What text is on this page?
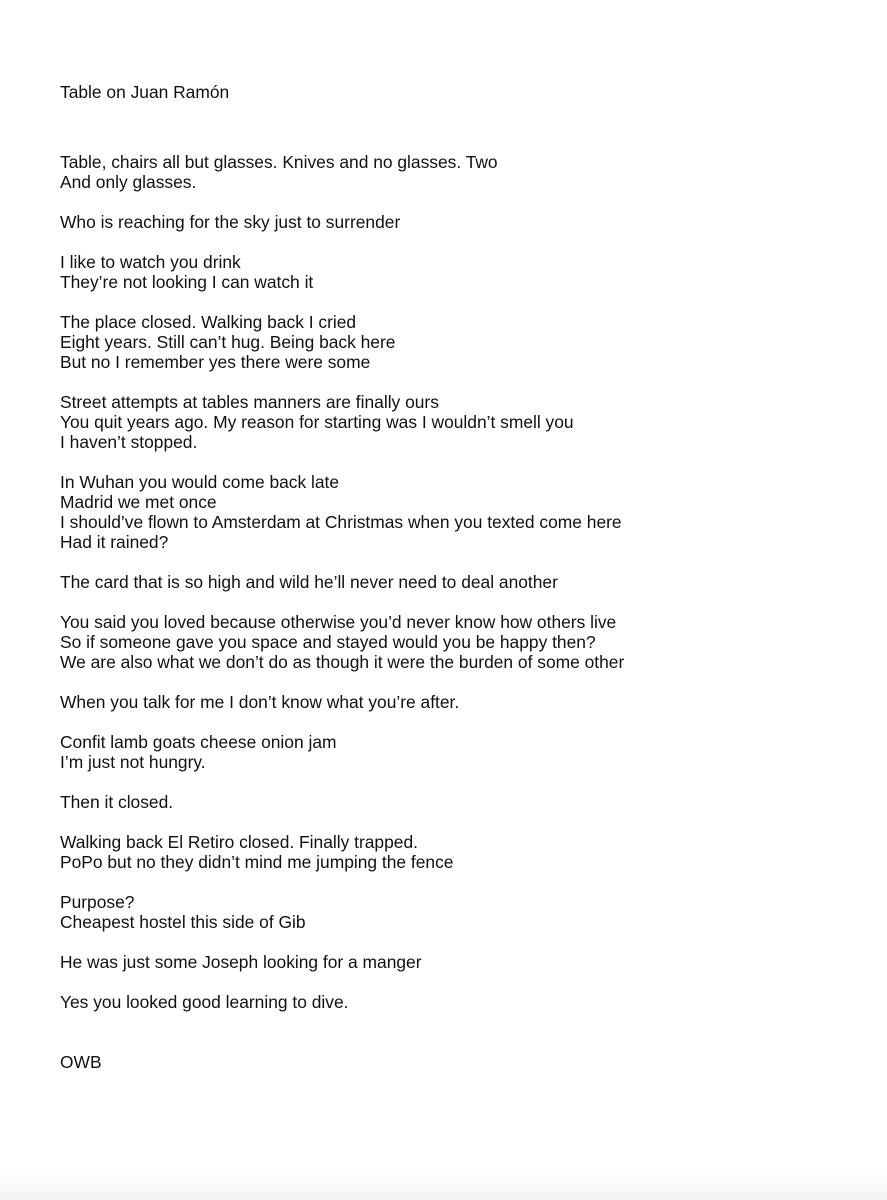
Table on Juan Ramón
Table, chairs all but glasses. Knives and no glasses. Two
And only glasses.
Who is reaching for the sky just to surrender
I like to watch you drink
They’re not looking I can watch it
The place closed. Walking back I cried
Eight years. Still can’t hug. Being back here
But no I remember yes there were some
Street attempts at tables manners are finally ours
You quit years ago. My reason for starting was I wouldn’t smell you
I haven’t stopped.
In Wuhan you would come back late
Madrid we met once
I should’ve flown to Amsterdam at Christmas when you texted come here
Had it rained?
The card that is so high and wild he’ll never need to deal another
You said you loved because otherwise you’d never know how others live
So if someone gave you space and stayed would you be happy then?
We are also what we don’t do as though it were the burden of some other
When you talk for me I don’t know what you’re after.
Confit lamb goats cheese onion jam
I’m just not hungry.
Then it closed.
Walking back El Retiro closed. Finally trapped.
PoPo but no they didn’t mind me jumping the fence
Purpose?
Cheapest hostel this side of Gib
He was just some Joseph looking for a manger
Yes you looked good learning to dive.
OWB
